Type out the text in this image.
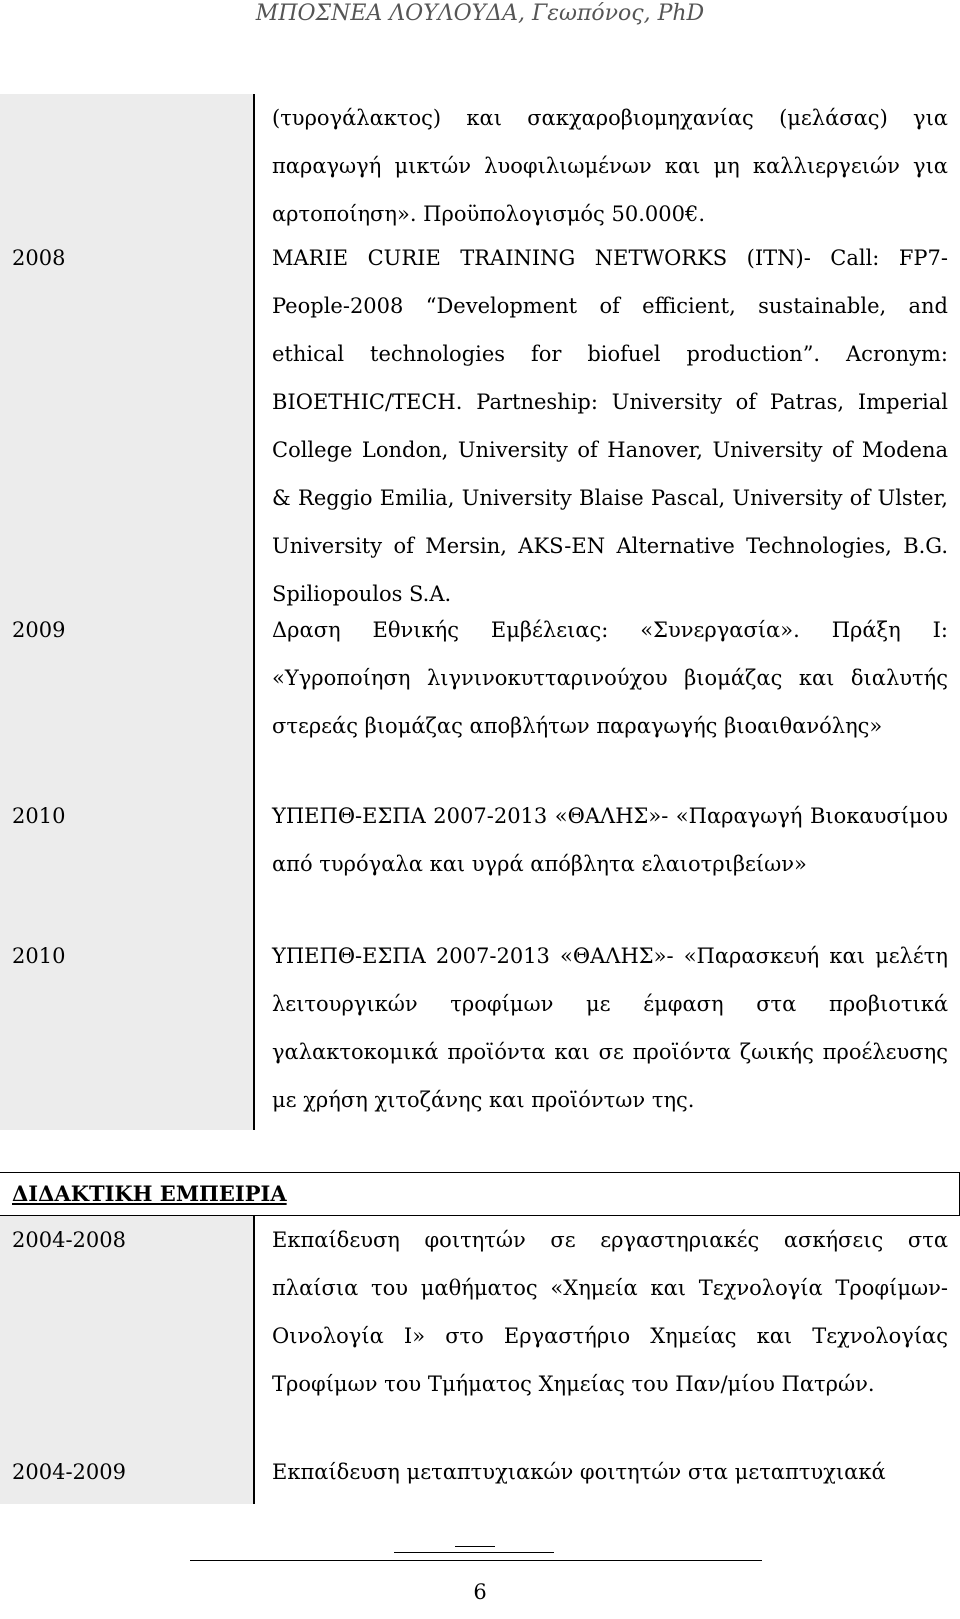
ΜΠΟΣΝΕΑ ΛΟΥΛΟΥΔΑ, Γεωπόνος, PhD
(τυρογάλακτος) και σακχαροβιομηχανίας (μελάσας) για παραγωγή μικτών λυοφιλιωμένων και μη καλλιεργειών για αρτοποίηση». Προϋπολογισμός 50.000€.
2008	MARIE CURIE TRAINING NETWORKS (ITN)- Call: FP7-People-2008 “Development of efficient, sustainable, and ethical technologies for biofuel production”. Acronym: BIOETHIC/TECH. Partneship: University of Patras, Imperial College London, University of Hanover, University of Modena & Reggio Emilia, University Blaise Pascal, University of Ulster, University of Mersin, AKS-EN Alternative Technologies, B.G. Spiliopoulos S.A.
2009	Δραση Εθνικής Εμβέλειας: «Συνεργασία». Πράξη Ι: «Υγροποίηση λιγνινοκυτταρινούχου βιομάζας και διαλυτής στερεάς βιομάζας αποβλήτων παραγωγής βιοαιθανόλης»
2010	ΥΠΕΠΘ-ΕΣΠΑ 2007-2013 «ΘΑΛΗΣ»- «Παραγωγή Βιοκαυσίμου από τυρόγαλα και υγρά απόβλητα ελαιοτριβείων»
2010	ΥΠΕΠΘ-ΕΣΠΑ 2007-2013 «ΘΑΛΗΣ»- «Παρασκευή και μελέτη λειτουργικών τροφίμων με έμφαση στα προβιοτικά γαλακτοκομικά προϊόντα και σε προϊόντα ζωικής προέλευσης με χρήση χιτοζάνης και προϊόντων της.
ΔΙΔΑΚΤΙΚΗ ΕΜΠΕΙΡΙΑ
2004-2008	Εκπαίδευση φοιτητών σε εργαστηριακές ασκήσεις στα πλαίσια του μαθήματος «Χημεία και Τεχνολογία Τροφίμων- Οινολογία Ι» στο Εργαστήριο Χημείας και Τεχνολογίας Τροφίμων του Τμήματος Χημείας του Παν/μίου Πατρών.
2004-2009	Εκπαίδευση μεταπτυχιακών φοιτητών στα μεταπτυχιακά
6
